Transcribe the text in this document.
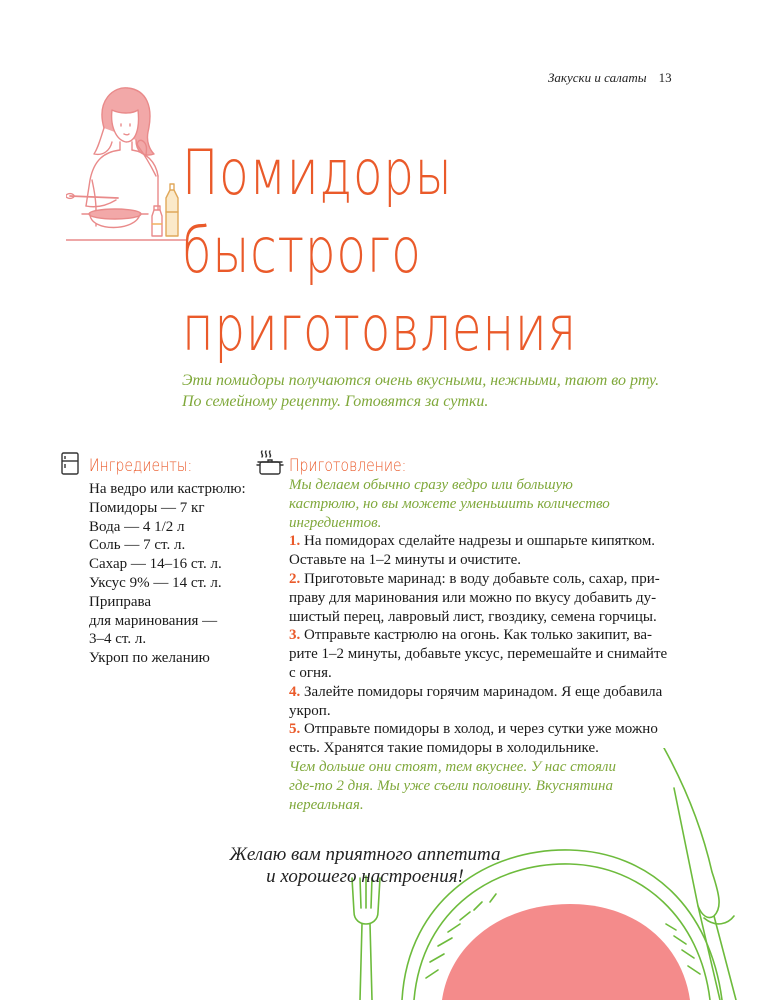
Закуски и салаты 13
Помидоры
быстрого
приготовления
Эти помидоры получаются очень вкусными, нежными, тают во рту.
По семейному рецепту. Готовятся за сутки.
Ингредиенты:
На ведро или кастрюлю:
Помидоры — 7 кг
Вода — 4 1/2 л
Соль — 7 ст. л.
Сахар — 14–16 ст. л.
Уксус 9% — 14 ст. л.
Приправа
для маринования —
3–4 ст. л.
Укроп по желанию
Приготовление:
Мы делаем обычно сразу ведро или большую
кастрюлю, но вы можете уменьшить количество
ингредиентов.

1. На помидорах сделайте надрезы и ошпарьте кипятком.
Оставьте на 1–2 минуты и очистите.

2. Приготовьте маринад: в воду добавьте соль, сахар, при-
праву для маринования или можно по вкусу добавить ду-
шистый перец, лавровый лист, гвоздику, семена горчицы.

3. Отправьте кастрюлю на огонь. Как только закипит, ва-
рите 1–2 минуты, добавьте уксус, перемешайте и снимайте
с огня.

4. Залейте помидоры горячим маринадом. Я еще добавила
укроп.

5. Отправьте помидоры в холод, и через сутки уже можно
есть. Хранятся такие помидоры в холодильнике.

Чем дольше они стоят, тем вкуснее. У нас стояли
где-то 2 дня. Мы уже съели половину. Вкуснятина
нереальная.
Желаю вам приятного аппетита
и хорошего настроения!
